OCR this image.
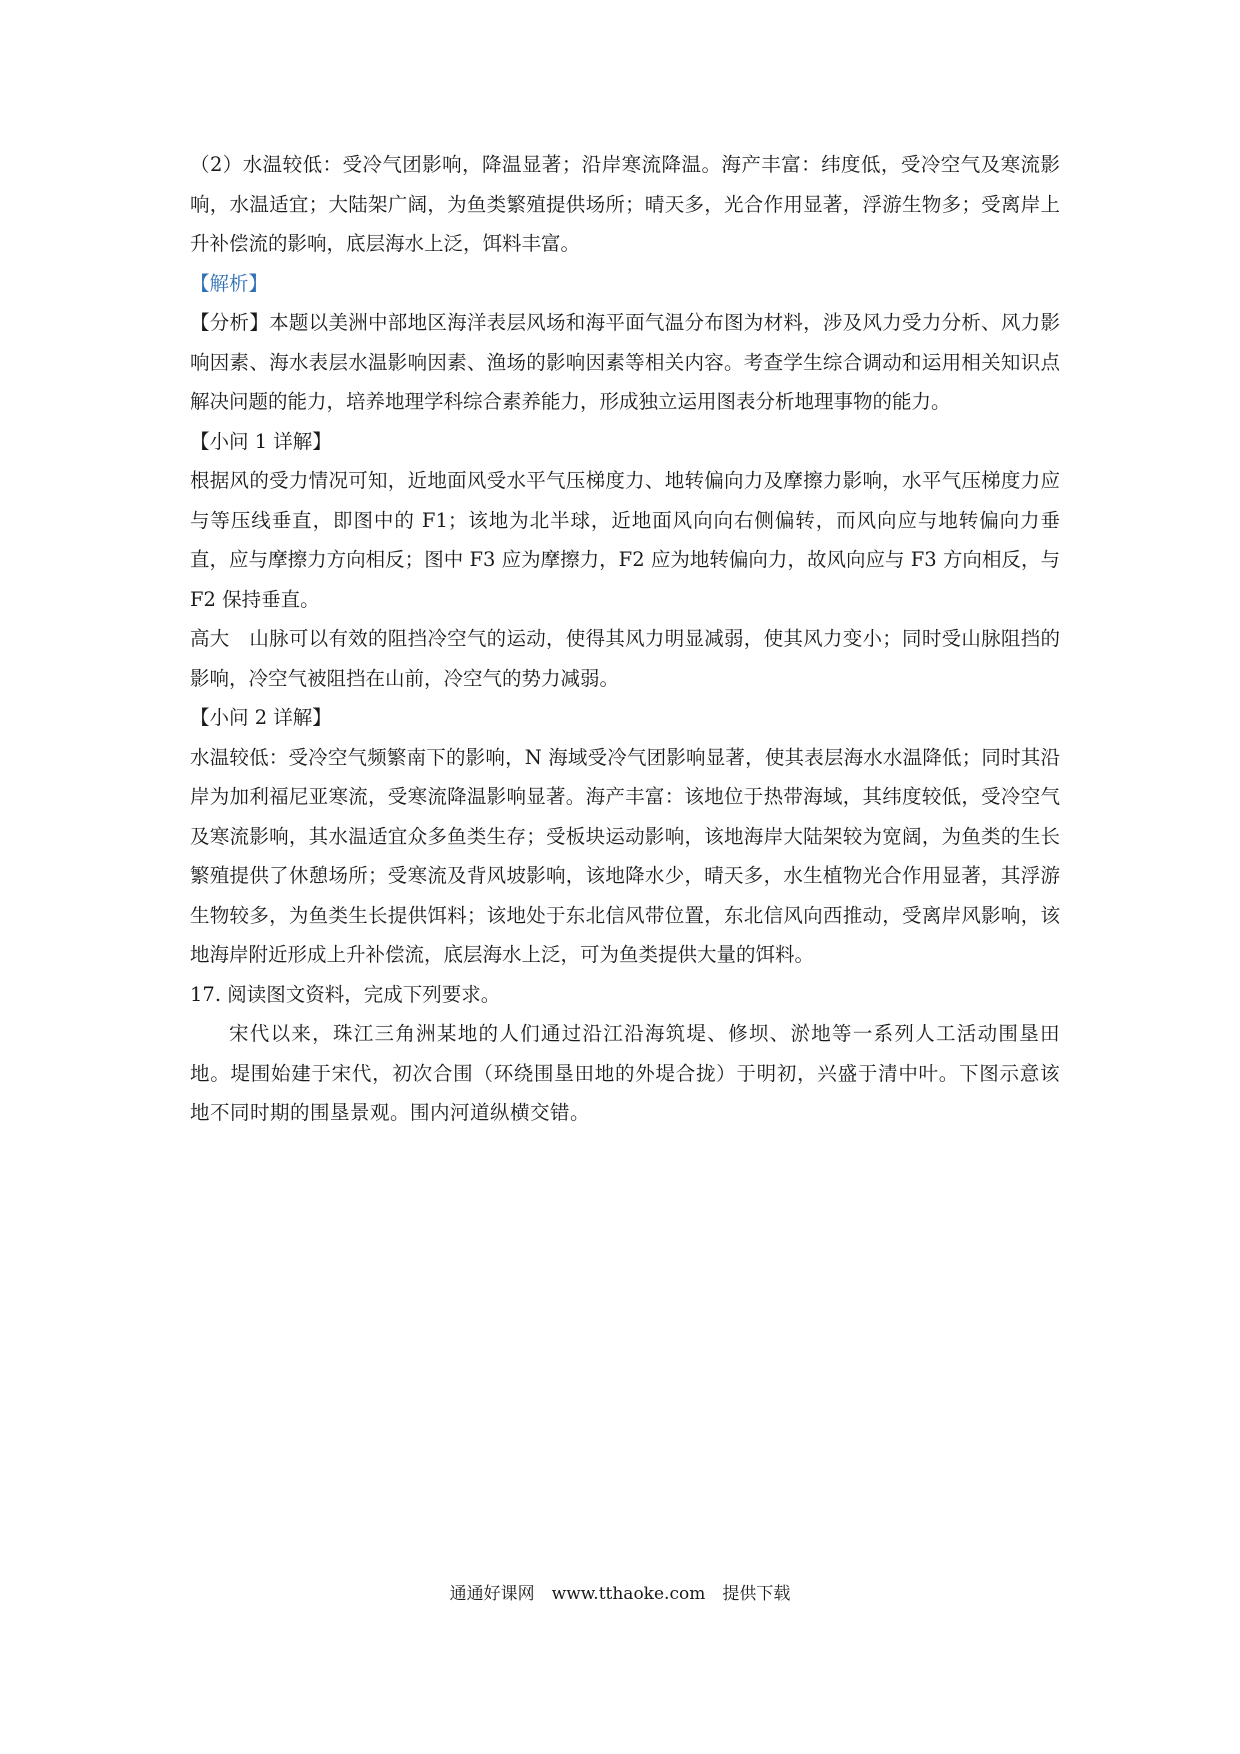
（2）水温较低：受冷气团影响，降温显著；沿岸寒流降温。海产丰富：纬度低，受冷空气及寒流影响，水温适宜；大陆架广阔，为鱼类繁殖提供场所；晴天多，光合作用显著，浮游生物多；受离岸上升补偿流的影响，底层海水上泛，饵料丰富。

【解析】

【分析】本题以美洲中部地区海洋表层风场和海平面气温分布图为材料，涉及风力受力分析、风力影响因素、海水表层水温影响因素、渔场的影响因素等相关内容。考查学生综合调动和运用相关知识点解决问题的能力，培养地理学科综合素养能力，形成独立运用图表分析地理事物的能力。

【小问 1 详解】

根据风的受力情况可知，近地面风受水平气压梯度力、地转偏向力及摩擦力影响，水平气压梯度力应与等压线垂直，即图中的 F1；该地为北半球，近地面风向向右侧偏转，而风向应与地转偏向力垂直，应与摩擦力方向相反；图中 F3 应为摩擦力，F2 应为地转偏向力，故风向应与 F3 方向相反，与 F2 保持垂直。

高大　山脉可以有效的阻挡冷空气的运动，使得其风力明显减弱，使其风力变小；同时受山脉阻挡的影响，冷空气被阻挡在山前，冷空气的势力减弱。

【小问 2 详解】

水温较低：受冷空气频繁南下的影响，N 海域受冷气团影响显著，使其表层海水水温降低；同时其沿岸为加利福尼亚寒流，受寒流降温影响显著。海产丰富：该地位于热带海域，其纬度较低，受冷空气及寒流影响，其水温适宜众多鱼类生存；受板块运动影响，该地海岸大陆架较为宽阔，为鱼类的生长繁殖提供了休憩场所；受寒流及背风坡影响，该地降水少，晴天多，水生植物光合作用显著，其浮游生物较多，为鱼类生长提供饵料；该地处于东北信风带位置，东北信风向西推动，受离岸风影响，该地海岸附近形成上升补偿流，底层海水上泛，可为鱼类提供大量的饵料。

17. 阅读图文资料，完成下列要求。

宋代以来，珠江三角洲某地的人们通过沿江沿海筑堤、修坝、淤地等一系列人工活动围垦田地。堤围始建于宋代，初次合围（环绕围垦田地的外堤合拢）于明初，兴盛于清中叶。下图示意该地不同时期的围垦景观。围内河道纵横交错。

通通好课网　www.tthaoke.com　提供下载
